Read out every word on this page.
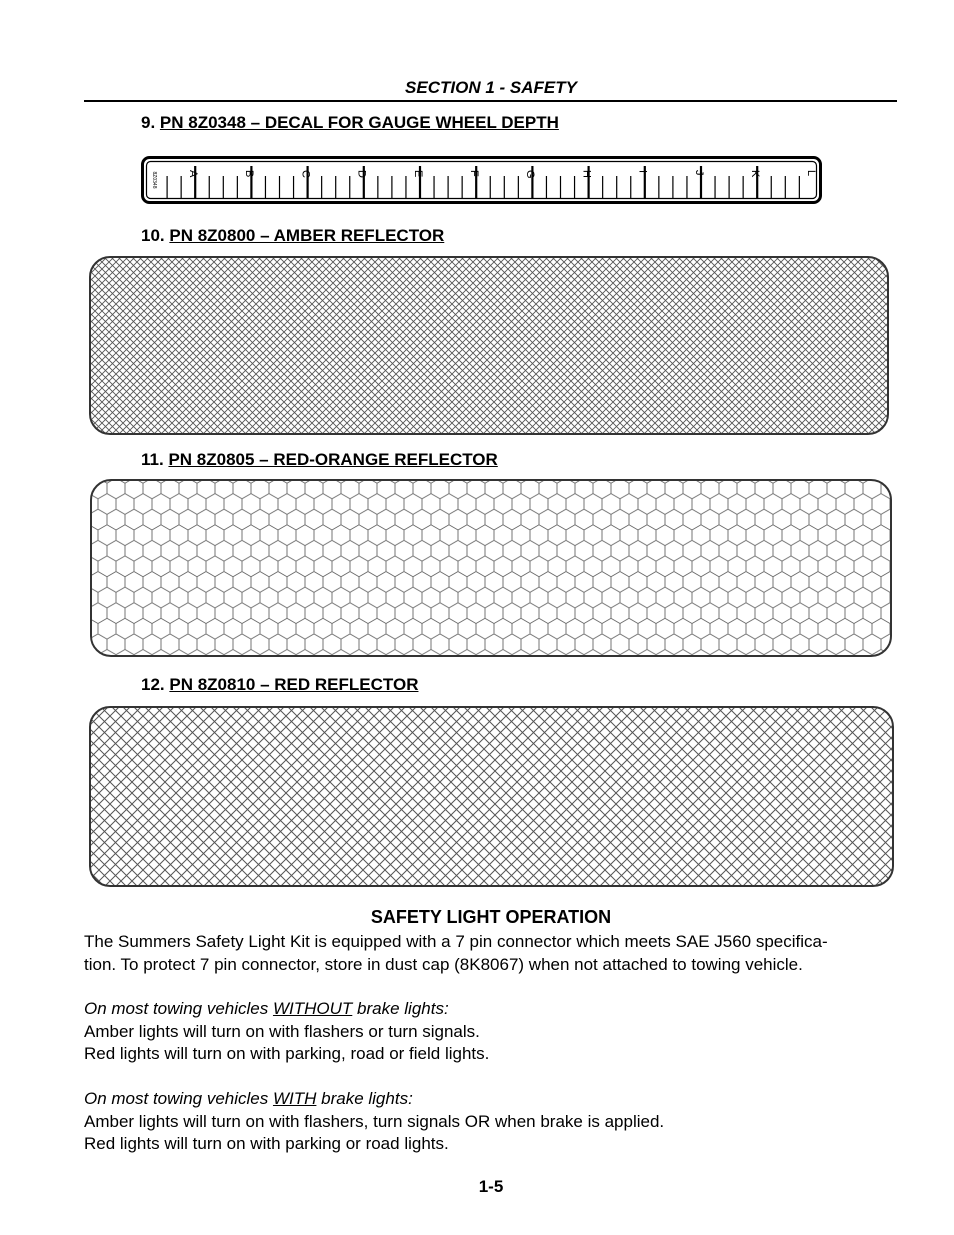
SECTION 1 - SAFETY
9. PN 8Z0348 – DECAL FOR GAUGE WHEEL DEPTH
A	B	C	D	E	F	G	H	I	J	K	L
8Z0348
10. PN 8Z0800 – AMBER REFLECTOR
11. PN 8Z0805 – RED-ORANGE REFLECTOR
12. PN 8Z0810 – RED REFLECTOR
SAFETY LIGHT OPERATION

The Summers Safety Light Kit is equipped with a 7 pin connector which meets SAE J560 specifica-

tion. To protect 7 pin connector, store in dust cap (8K8067) when not attached to towing vehicle.

On most towing vehicles WITHOUT brake lights:

Amber lights will turn on with flashers or turn signals.

Red lights will turn on with parking, road or field lights.

On most towing vehicles WITH brake lights:

Amber lights will turn on with flashers, turn signals OR when brake is applied.

Red lights will turn on with parking or road lights.

1-5
